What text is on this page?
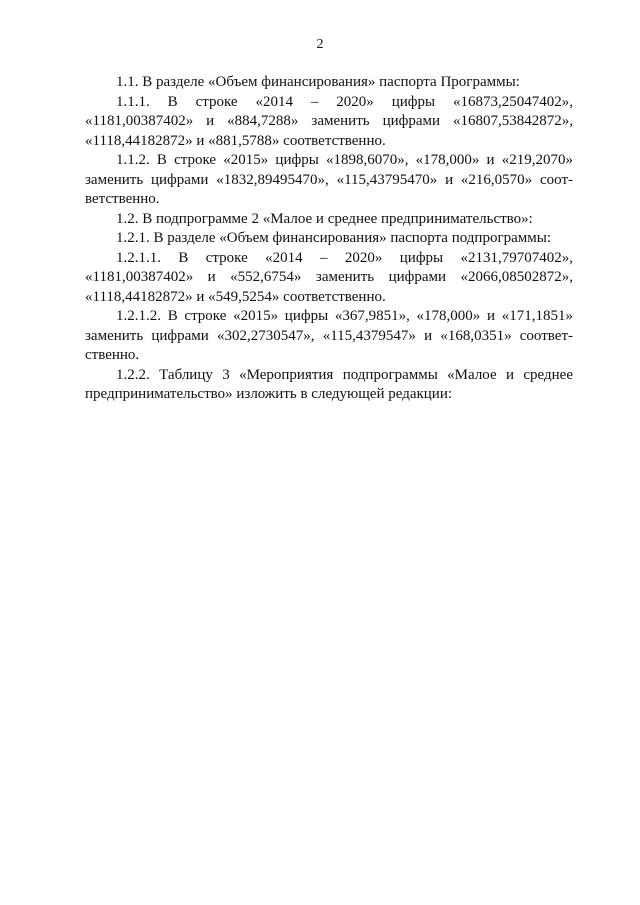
2

1.1. В разделе «Объем финансирования» паспорта Программы:

1.1.1. В строке «2014 – 2020» цифры «16873,25047402», «1181,00387402» и «884,7288» заменить цифрами «16807,53842872», «1118,44182872» и «881,5788» соответственно.

1.1.2. В строке «2015» цифры «1898,6070», «178,000» и «219,2070» заменить цифрами «1832,89495470», «115,43795470» и «216,0570» соответственно.

1.2. В подпрограмме 2 «Малое и среднее предпринимательство»:

1.2.1. В разделе «Объем финансирования» паспорта подпрограммы:

1.2.1.1. В строке «2014 – 2020» цифры «2131,79707402», «1181,00387402» и «552,6754» заменить цифрами «2066,08502872», «1118,44182872» и «549,5254» соответственно.

1.2.1.2. В строке «2015» цифры «367,9851», «178,000» и «171,1851» заменить цифрами «302,2730547», «115,4379547» и «168,0351» соответственно.

1.2.2. Таблицу 3 «Мероприятия подпрограммы «Малое и среднее предпринимательство» изложить в следующей редакции:
